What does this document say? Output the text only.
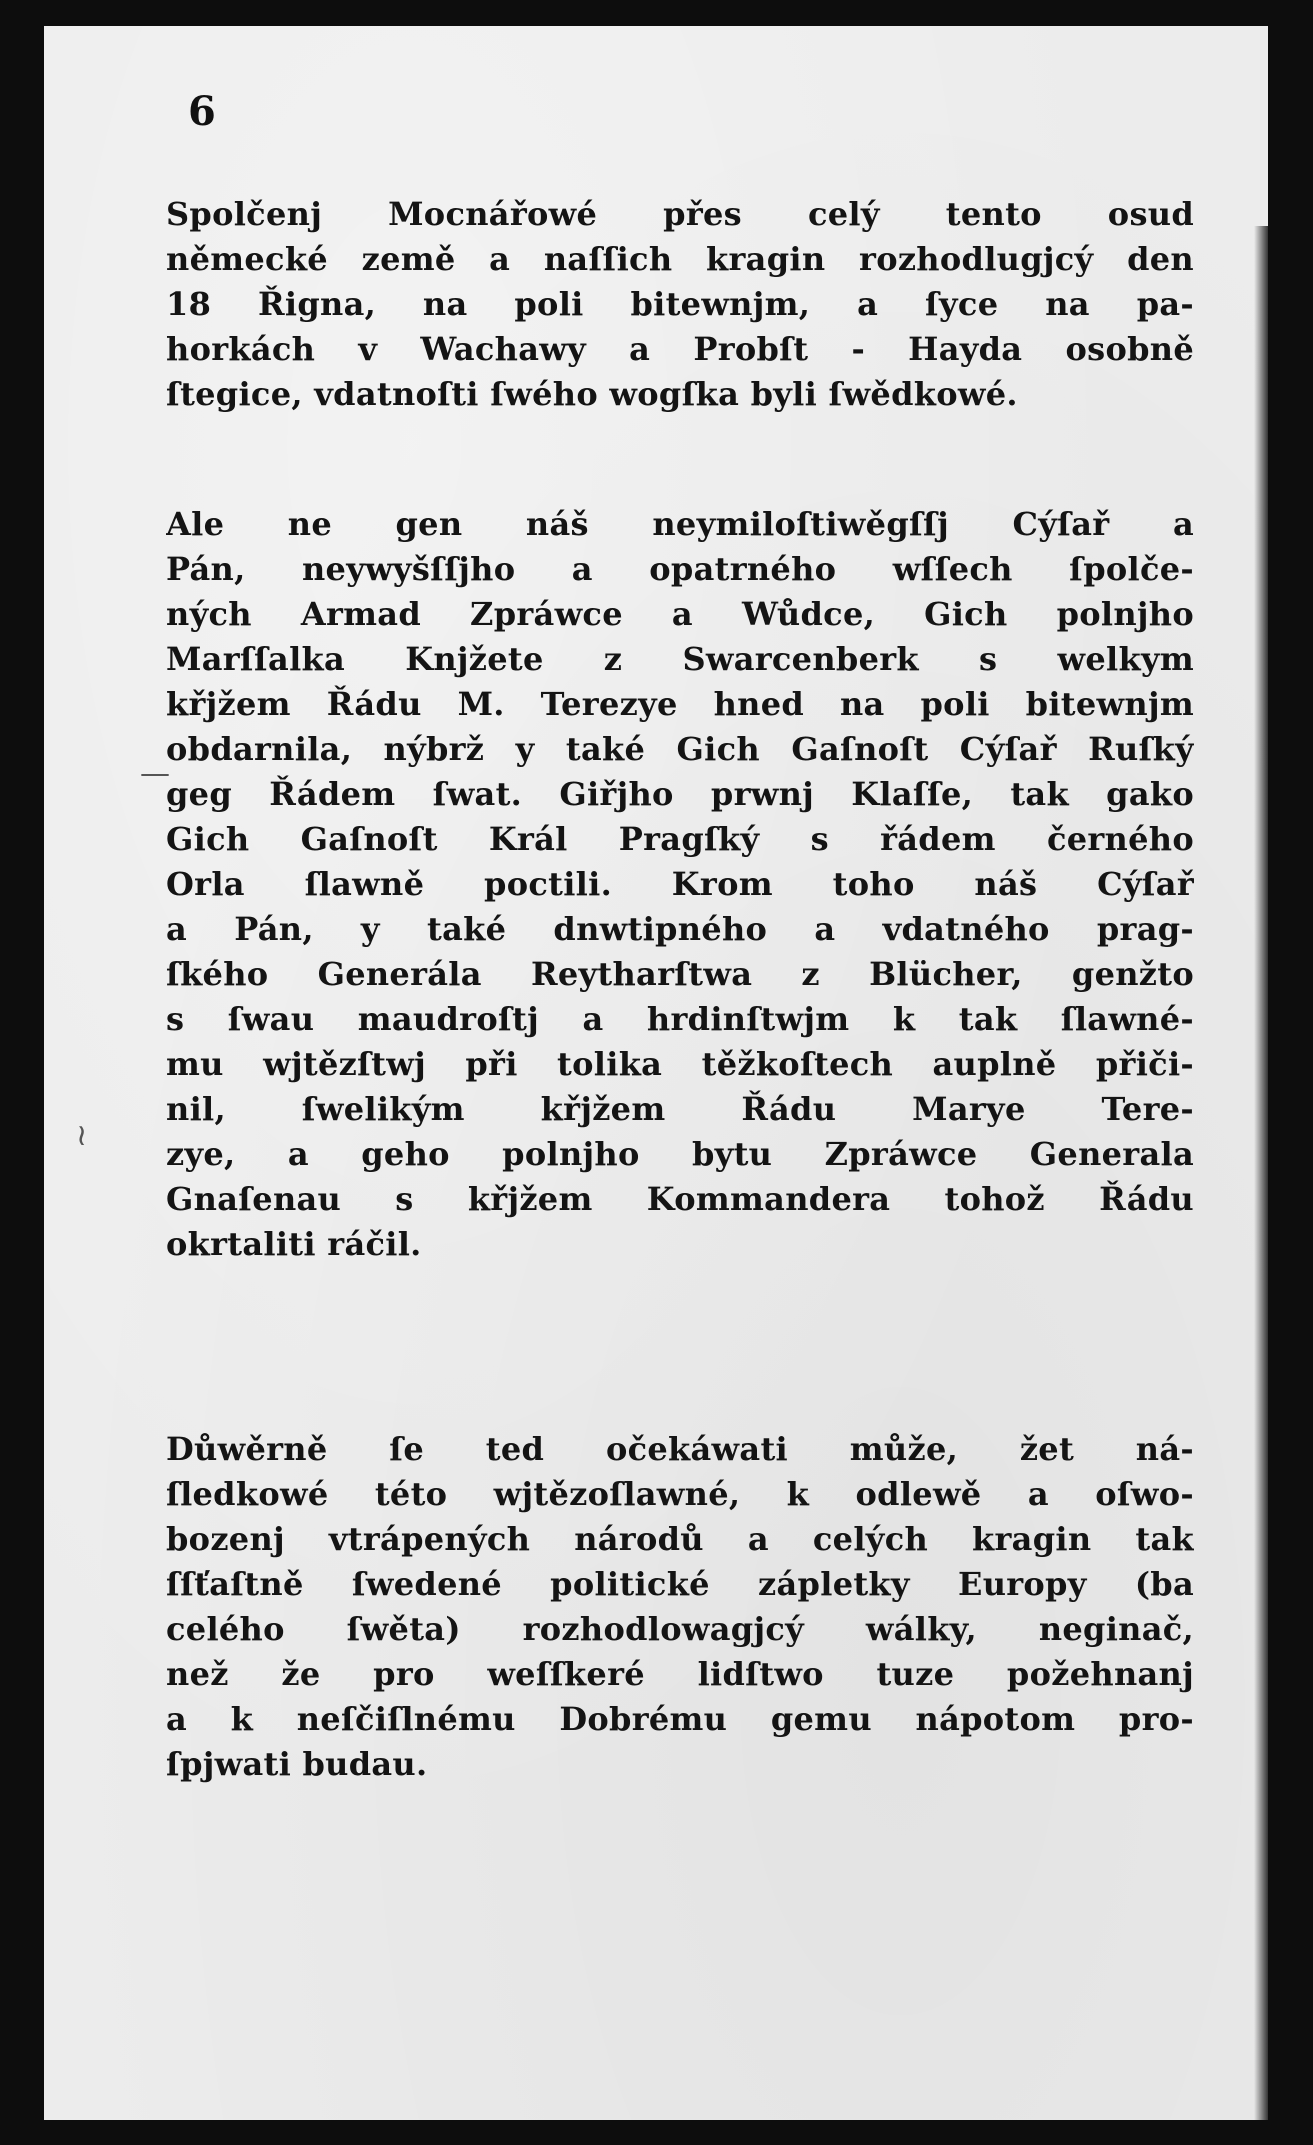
6
≀
—
Spolčenj Mocnářowé přes celý tento osud
německé země a naſſich kragin rozhodlugjcý den
18 Řigna, na poli bitewnjm, a ſyce na pa-
horkách v Wachawy a Probſt - Hayda osobně
ſtegice, vdatnoſti ſwého wogſka byli ſwědkowé.
Ale ne gen náš neymiloſtiwěgſſj Cýſař a
Pán, neywyšſſjho a opatrného wſſech ſpolče-
ných Armad Zpráwce a Wůdce, Gich polnjho
Marſſalka Knjžete z Swarcenberk s welkym
křjžem Řádu M. Terezye hned na poli bitewnjm
obdarnila, nýbrž y také Gich Gaſnoſt Cýſař Ruſký
geg Řádem ſwat. Giřjho prwnj Klaſſe, tak gako
Gich Gaſnoſt Král Pragſký s řádem černého
Orla ſlawně poctili. Krom toho náš Cýſař
a Pán, y také dnwtipného a vdatného prag-
ſkého Generála Reytharſtwa z Blücher, genžto
s ſwau maudroſtj a hrdinſtwjm k tak ſlawné-
mu wjtězſtwj při tolika těžkoſtech auplně přiči-
nil, ſwelikým křjžem Řádu Marye Tere-
zye, a geho polnjho bytu Zpráwce Generala
Gnaſenau s křjžem Kommandera tohož Řádu
okrtaliti ráčil.
Důwěrně ſe ted očekáwati může, žet ná-
ſledkowé této wjtězoſlawné, k odlewě a oſwo-
bozenj vtrápených národů a celých kragin tak
ſſťaſtně ſwedené politické zápletky Europy (ba
celého ſwěta) rozhodlowagjcý wálky, neginač,
než že pro weſſkeré lidſtwo tuze požehnanj
a k neſčiſlnému Dobrému gemu nápotom pro-
ſpjwati budau.
